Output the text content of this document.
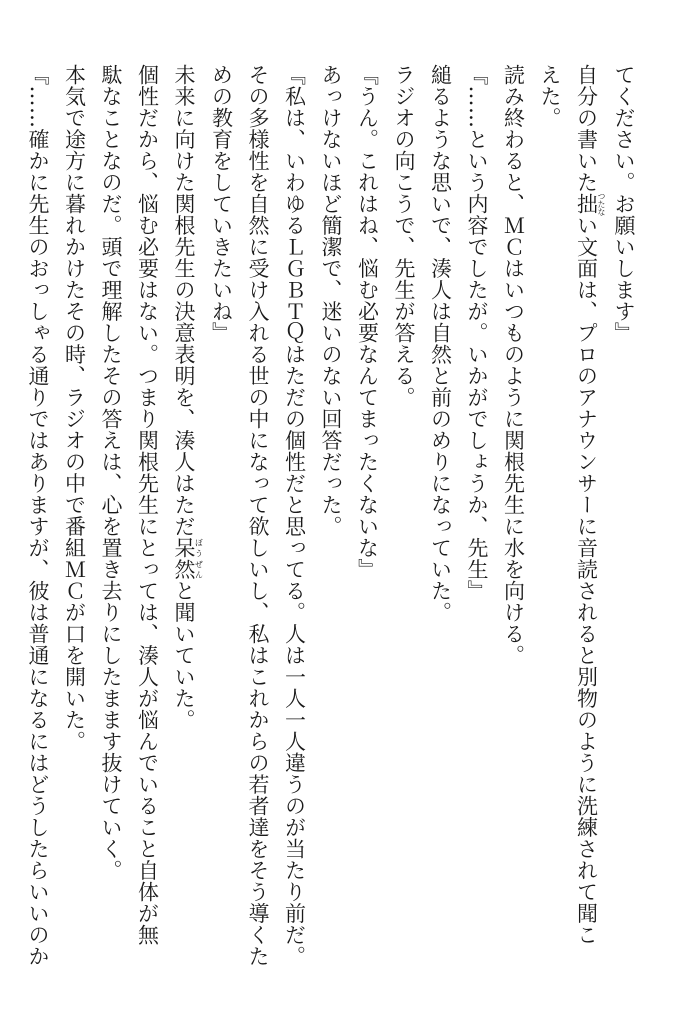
てください。お願いします』
自分の書いた拙つたない文面は、プロのアナウンサーに音読されると別物のように洗練されて聞こ
えた。
読み終わると、ＭＣはいつものように関根先生に水を向ける。
『……という内容でしたが。いかがでしょうか、先生』
縋るような思いで、湊人は自然と前のめりになっていた。
ラジオの向こうで、先生が答える。
『うん。これはね、悩む必要なんてまったくないな』
あっけないほど簡潔で、迷いのない回答だった。
『私は、いわゆるＬＧＢＴＱはただの個性だと思ってる。人は一人一人違うのが当たり前だ。
その多様性を自然に受け入れる世の中になって欲しいし、私はこれからの若者達をそう導くた
めの教育をしていきたいね』
未来に向けた関根先生の決意表明を、湊人はただ呆然ぼうぜんと聞いていた。
個性だから、悩む必要はない。つまり関根先生にとっては、湊人が悩んでいること自体が無
駄なことなのだ。頭で理解したその答えは、心を置き去りにしたまます抜けていく。
本気で途方に暮れかけたその時、ラジオの中で番組ＭＣが口を開いた。
『……確かに先生のおっしゃる通りではありますが、彼は普通になるにはどうしたらいいのか
